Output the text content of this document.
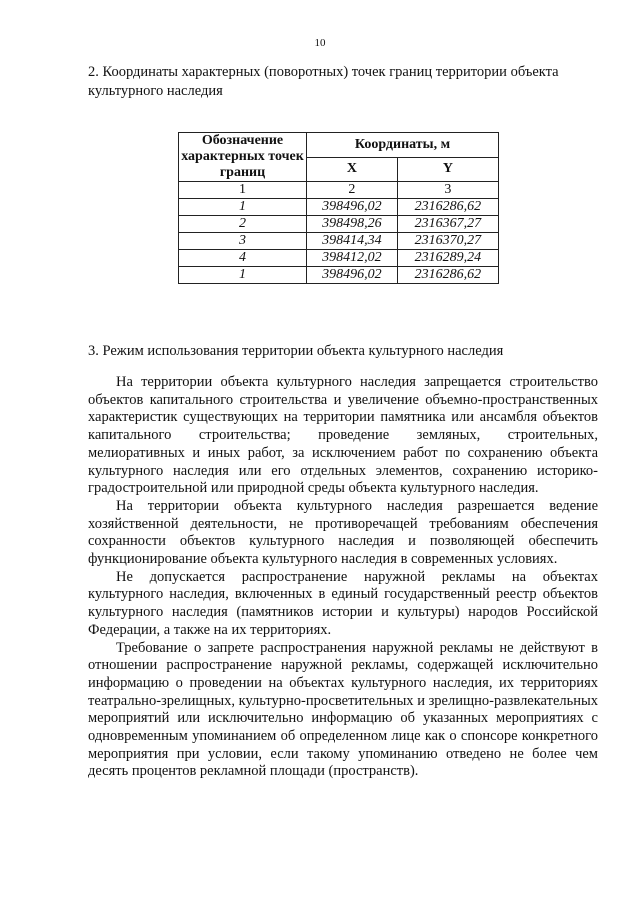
10
2. Координаты характерных (поворотных) точек границ территории объекта культурного наследия
Обозначение характерных точек границ	Координаты, м	
	X	Y
1	2	3
1	398496,02	2316286,62
2	398498,26	2316367,27
3	398414,34	2316370,27
4	398412,02	2316289,24
1	398496,02	2316286,62
3. Режим использования территории объекта культурного наследия

На территории объекта культурного наследия запрещается строительство объектов капитального строительства и увеличение объемно-пространственных характеристик существующих на территории памятника или ансамбля объектов капитального строительства; проведение земляных, строительных, мелиоративных и иных работ, за исключением работ по сохранению объекта культурного наследия или его отдельных элементов, сохранению историко-градостроительной или природной среды объекта культурного наследия.

На территории объекта культурного наследия разрешается ведение хозяйственной деятельности, не противоречащей требованиям обеспечения сохранности объектов культурного наследия и позволяющей обеспечить функционирование объекта культурного наследия в современных условиях.

Не допускается распространение наружной рекламы на объектах культурного наследия, включенных в единый государственный реестр объектов культурного наследия (памятников истории и культуры) народов Российской Федерации, а также на их территориях.

Требование о запрете распространения наружной рекламы не действуют в отношении распространение наружной рекламы, содержащей исключительно информацию о проведении на объектах культурного наследия, их территориях театрально-зрелищных, культурно-просветительных и зрелищно-развлекательных мероприятий или исключительно информацию об указанных мероприятиях с одновременным упоминанием об определенном лице как о спонсоре конкретного мероприятия при условии, если такому упоминанию отведено не более чем десять процентов рекламной площади (пространств).
